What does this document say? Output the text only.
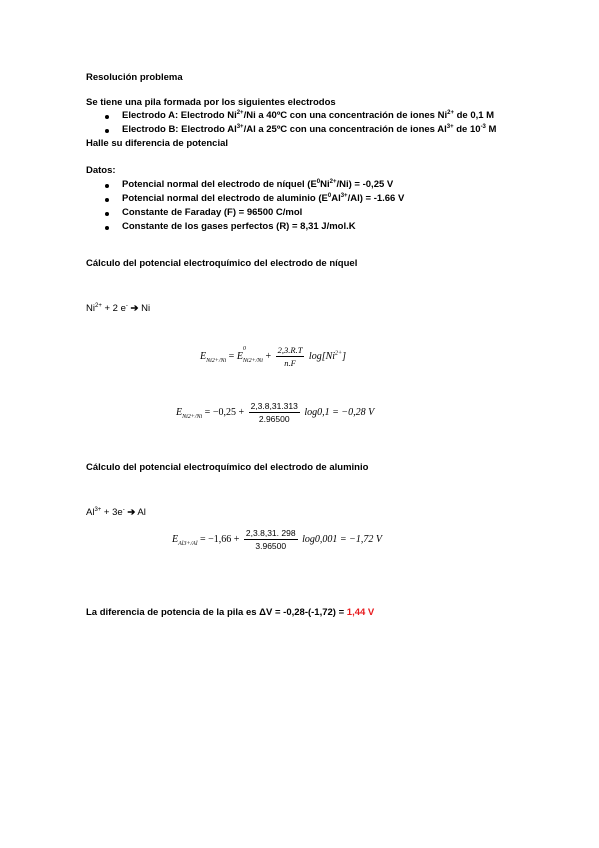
Resolución problema
Se tiene una pila formada por los siguientes electrodos
Electrodo A: Electrodo $Ni^{2+}/Ni$ a 40ºC con una concentración de iones $Ni^{2+}$ de 0,1 M
Electrodo B: Electrodo $Al^{3+}/Al$ a 25ºC con una concentración de iones $Al^{3+}$ de $10^{-3}$ M
Halle su diferencia de potencial
Datos:
Potencial normal del electrodo de níquel $(E^0Ni^{2+}/Ni) = -0,25$ V
Potencial normal del electrodo de aluminio $(E^0Al^{3+}/Al) = -1.66$ V
Constante de Faraday (F) = 96500 C/mol
Constante de los gases perfectos (R) = 8,31 J/mol.K
Cálculo del potencial electroquímico del electrodo de níquel
$Ni^{2+} + 2$ e- ➔ Ni
$E_{Ni2+/Ni} = E$
0
$_{Ni2+/Ni} + \frac{2,3.R.T}{n.F} \log[Ni^{2+}]$
$E_{Ni2+/Ni} = -0,25 + \frac{2,3.8,31.313}{2.96500} \log 0,1 = -0,28$ V
Cálculo del potencial electroquímico del electrodo de aluminio
$Al^{3+} + 3e^-$ ➔ Al
$E_{Al3+/Al} = -1,66 + \frac{2,3.8,31. 298}{3.96500} \log 0,001 = -1,72$ V
La diferencia de potencia de la pila es ΔV = -0,28-(-1,72) = 1,44 V
